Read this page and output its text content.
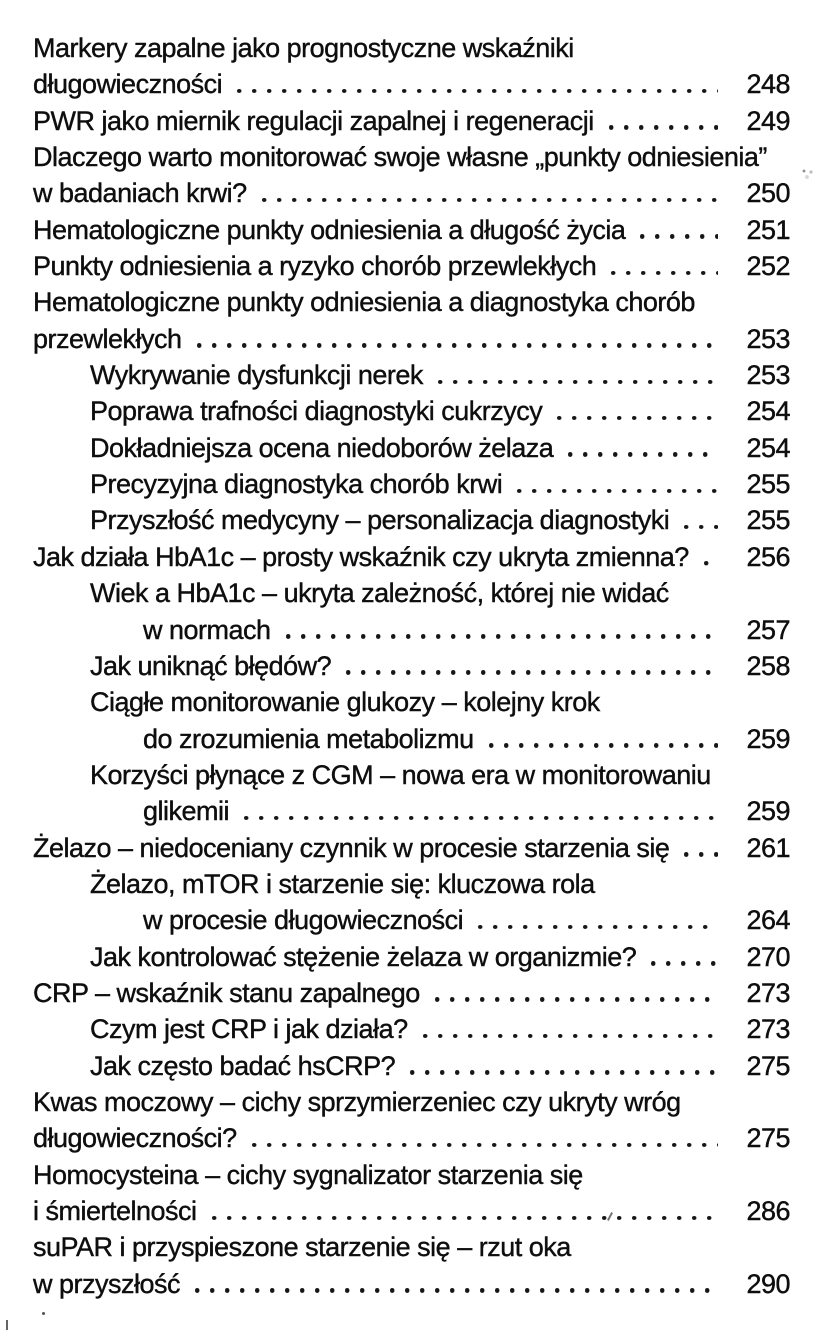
Markery zapalne jako prognostyczne wskaźniki
długowieczności	248
PWR jako miernik regulacji zapalnej i regeneracji	249
Dlaczego warto monitorować swoje własne „punkty odniesienia”
w badaniach krwi?	250
Hematologiczne punkty odniesienia a długość życia	251
Punkty odniesienia a ryzyko chorób przewlekłych	252
Hematologiczne punkty odniesienia a diagnostyka chorób
przewlekłych	253
Wykrywanie dysfunkcji nerek	253
Poprawa trafności diagnostyki cukrzycy	254
Dokładniejsza ocena niedoborów żelaza	254
Precyzyjna diagnostyka chorób krwi	255
Przyszłość medycyny – personalizacja diagnostyki	255
Jak działa HbA1c – prosty wskaźnik czy ukryta zmienna? 256
Wiek a HbA1c – ukryta zależność, której nie widać
w normach	257
Jak uniknąć błędów?	258
Ciągłe monitorowanie glukozy – kolejny krok
do zrozumienia metabolizmu	259
Korzyści płynące z CGM – nowa era w monitorowaniu
glikemii	259
Żelazo – niedoceniany czynnik w procesie starzenia się	261
Żelazo, mTOR i starzenie się: kluczowa rola
w procesie długowieczności	264
Jak kontrolować stężenie żelaza w organizmie?	270
CRP – wskaźnik stanu zapalnego	273
Czym jest CRP i jak działa?	273
Jak często badać hsCRP?	275
Kwas moczowy – cichy sprzymierzeniec czy ukryty wróg
długowieczności?	275
Homocysteina – cichy sygnalizator starzenia się
i śmiertelności	286
suPAR i przyspieszone starzenie się – rzut oka
w przyszłość	290
